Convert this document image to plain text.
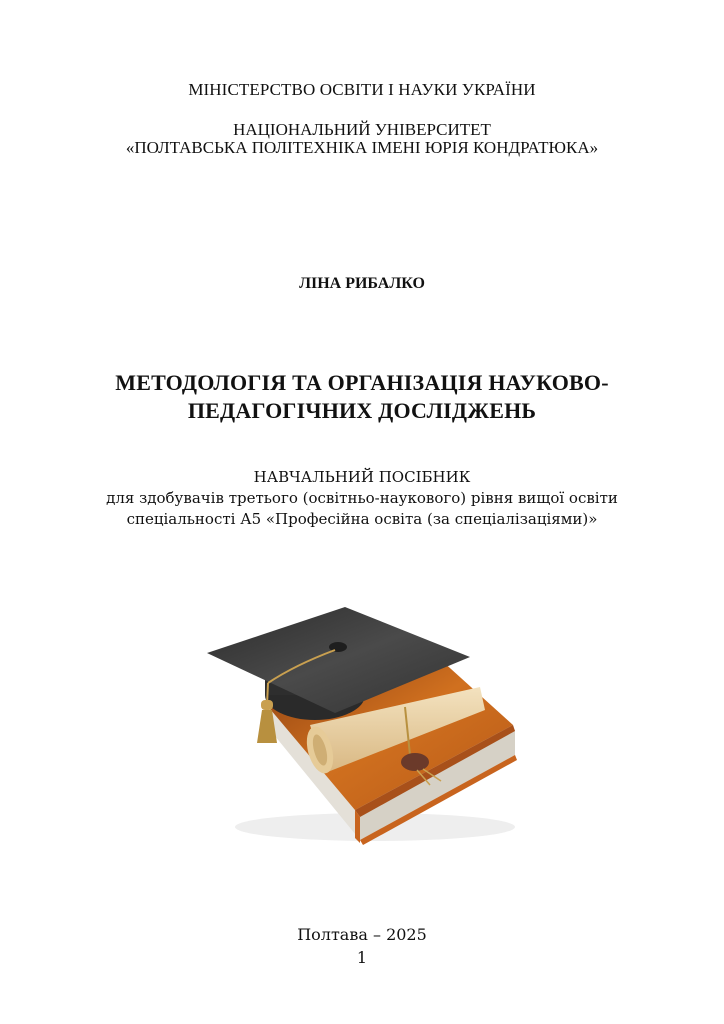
МІНІСТЕРСТВО ОСВІТИ І НАУКИ УКРАЇНИ
НАЦІОНАЛЬНИЙ УНІВЕРСИТЕТ
«ПОЛТАВСЬКА ПОЛІТЕХНІКА ІМЕНІ ЮРІЯ КОНДРАТЮКА»
ЛІНА РИБАЛКО
МЕТОДОЛОГІЯ ТА ОРГАНІЗАЦІЯ НАУКОВО-
ПЕДАГОГІЧНИХ ДОСЛІДЖЕНЬ
НАВЧАЛЬНИЙ ПОСІБНИК
для здобувачів третього (освітньо-наукового) рівня вищої освіти
спеціальності А5 «Професійна освіта (за спеціалізаціями)»
Полтава – 2025
1
